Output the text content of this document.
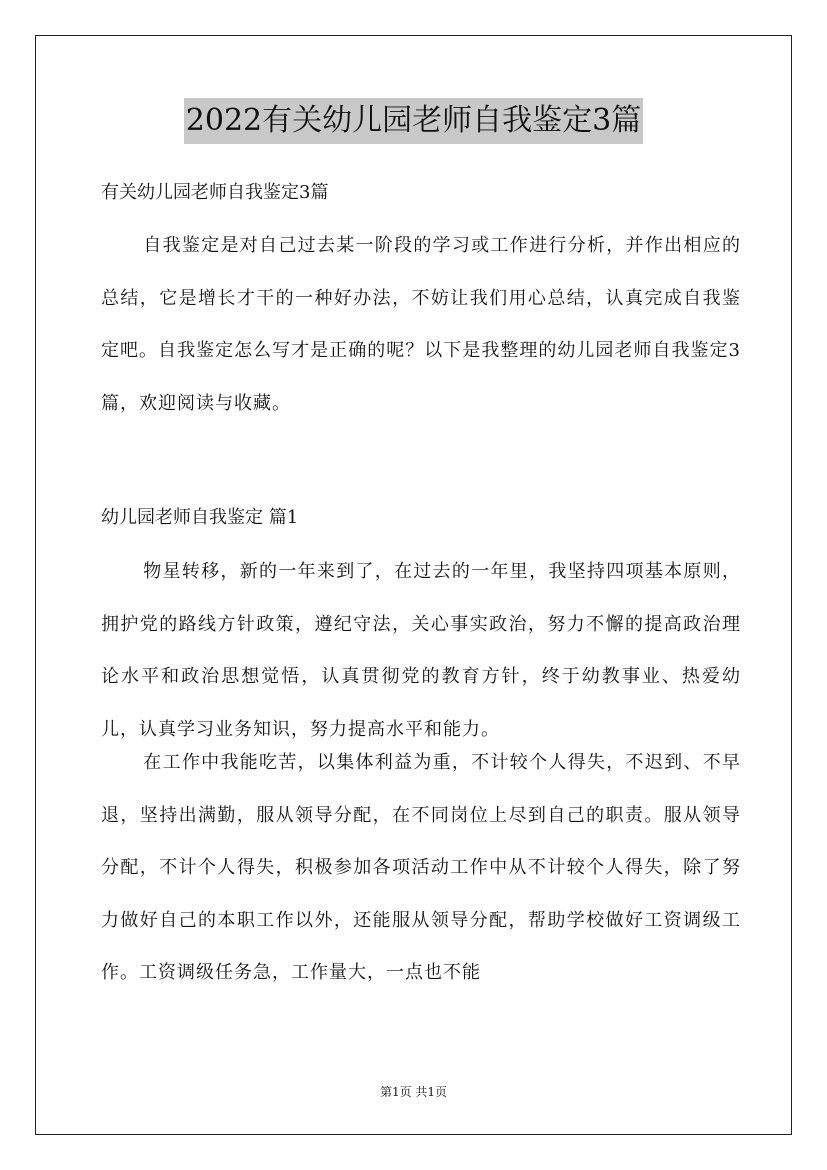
2022有关幼儿园老师自我鉴定3篇
有关幼儿园老师自我鉴定3篇

自我鉴定是对自己过去某一阶段的学习或工作进行分析，并作出相应的总结，它是增长才干的一种好办法，不妨让我们用心总结，认真完成自我鉴定吧。自我鉴定怎么写才是正确的呢？以下是我整理的幼儿园老师自我鉴定3篇，欢迎阅读与收藏。

幼儿园老师自我鉴定 篇1

物星转移，新的一年来到了，在过去的一年里，我坚持四项基本原则，拥护党的路线方针政策，遵纪守法，关心事实政治，努力不懈的提高政治理论水平和政治思想觉悟，认真贯彻党的教育方针，终于幼教事业、热爱幼儿，认真学习业务知识，努力提高水平和能力。

在工作中我能吃苦，以集体利益为重，不计较个人得失，不迟到、不早退，坚持出满勤，服从领导分配，在不同岗位上尽到自己的职责。服从领导分配，不计个人得失，积极参加各项活动工作中从不计较个人得失，除了努力做好自己的本职工作以外，还能服从领导分配，帮助学校做好工资调级工作。工资调级任务急，工作量大，一点也不能

第1页 共1页
